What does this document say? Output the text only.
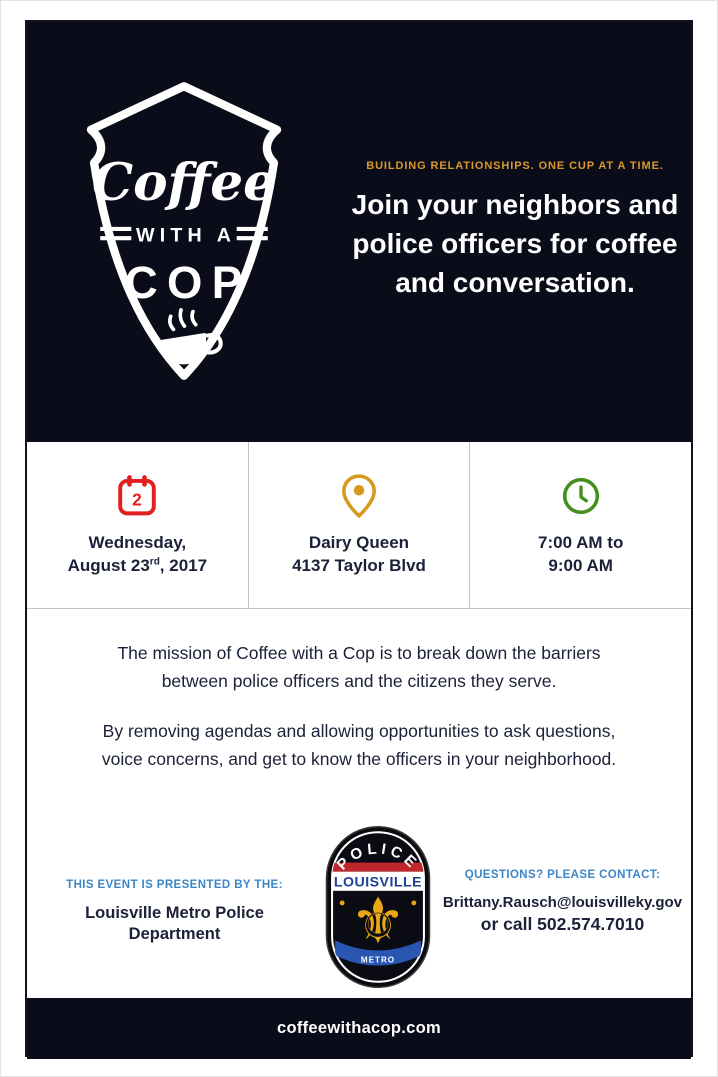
Coffee
WITH A
COP
BUILDING RELATIONSHIPS. ONE CUP AT A TIME.
Join your neighbors and police officers for coffee and conversation.
2
Wednesday,
August 23rd, 2017
Dairy Queen
4137 Taylor Blvd
7:00 AM to
9:00 AM

The mission of Coffee with a Cop is to break down the barriers between police officers and the citizens they serve.

By removing agendas and allowing opportunities to ask questions, voice concerns, and get to know the officers in your neighborhood.

THIS EVENT IS PRESENTED BY THE:
Louisville Metro Police Department
POLICE
LOUISVILLE
⚜
METRO
QUESTIONS? PLEASE CONTACT:
Brittany.Rausch@louisvilleky.gov
or call 502.574.7010
coffeewithacop.com
